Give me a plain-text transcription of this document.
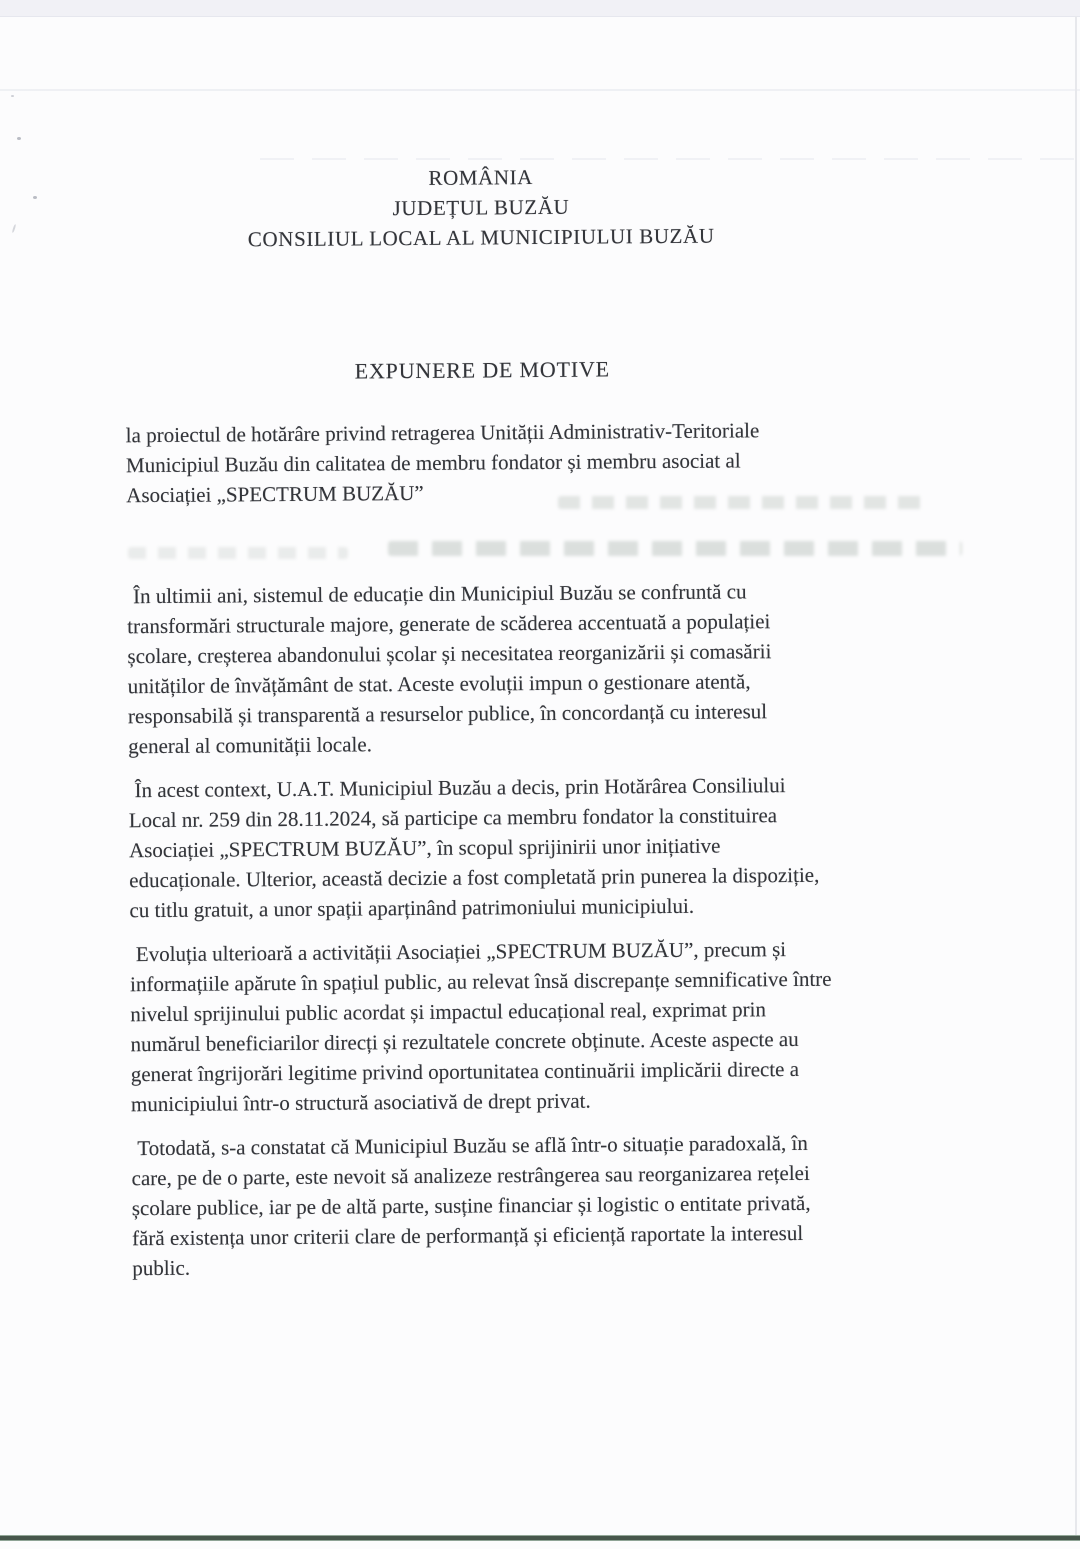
ROMÂNIA
JUDEȚUL BUZĂU
CONSILIUL LOCAL AL MUNICIPIULUI BUZĂU
EXPUNERE DE MOTIVE
la proiectul de hotărâre privind retragerea Unității Administrativ-Teritoriale
Municipiul Buzău din calitatea de membru fondator și membru asociat al
Asociației „SPECTRUM BUZĂU”

În ultimii ani, sistemul de educație din Municipiul Buzău se confruntă cu
transformări structurale majore, generate de scăderea accentuată a populației
școlare, creșterea abandonului școlar și necesitatea reorganizării și comasării
unităților de învățământ de stat. Aceste evoluții impun o gestionare atentă,
responsabilă și transparentă a resurselor publice, în concordanță cu interesul
general al comunității locale.

În acest context, U.A.T. Municipiul Buzău a decis, prin Hotărârea Consiliului
Local nr. 259 din 28.11.2024, să participe ca membru fondator la constituirea
Asociației „SPECTRUM BUZĂU”, în scopul sprijinirii unor inițiative
educaționale. Ulterior, această decizie a fost completată prin punerea la dispoziție,
cu titlu gratuit, a unor spații aparținând patrimoniului municipiului.

Evoluția ulterioară a activității Asociației „SPECTRUM BUZĂU”, precum și
informațiile apărute în spațiul public, au relevat însă discrepanțe semnificative între
nivelul sprijinului public acordat și impactul educațional real, exprimat prin
numărul beneficiarilor direcți și rezultatele concrete obținute. Aceste aspecte au
generat îngrijorări legitime privind oportunitatea continuării implicării directe a
municipiului într-o structură asociativă de drept privat.

Totodată, s-a constatat că Municipiul Buzău se află într-o situație paradoxală, în
care, pe de o parte, este nevoit să analizeze restrângerea sau reorganizarea rețelei
școlare publice, iar pe de altă parte, susține financiar și logistic o entitate privată,
fără existența unor criterii clare de performanță și eficiență raportate la interesul
public.
